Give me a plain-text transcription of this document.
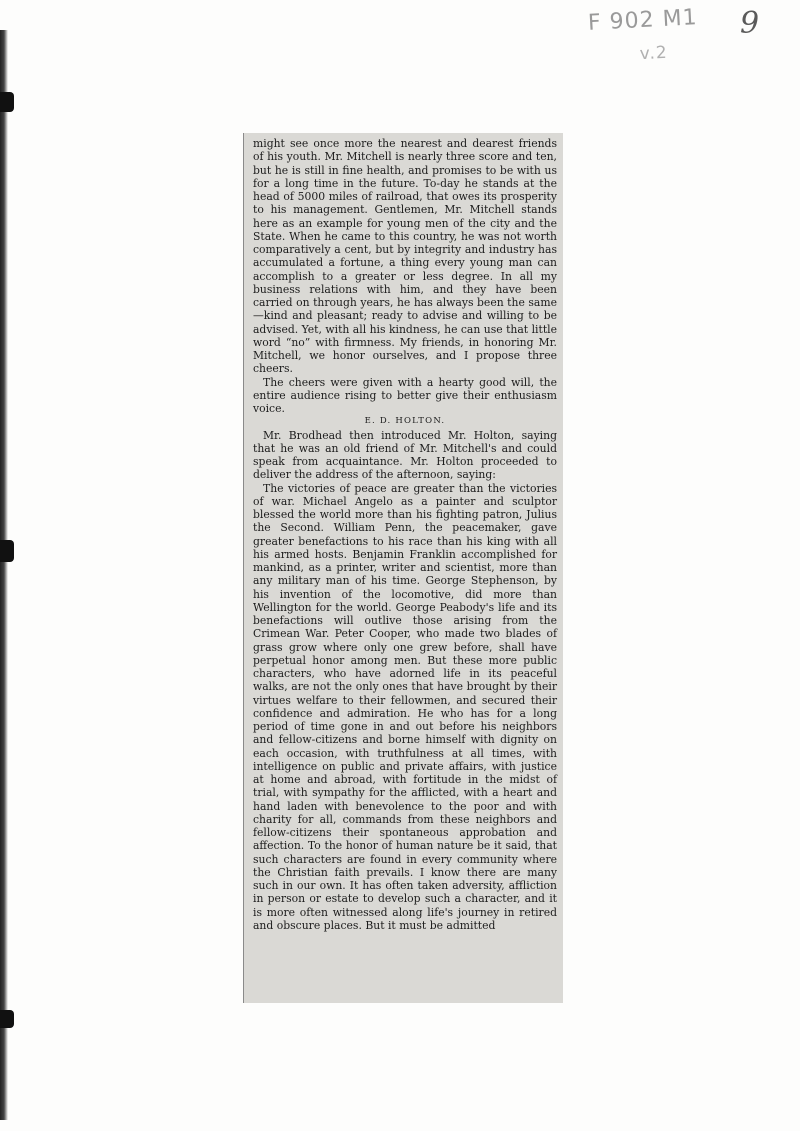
F 902 M1
v.2
9

might see once more the nearest and dearest friends of his youth. Mr. Mitchell is nearly three score and ten, but he is still in fine health, and promises to be with us for a long time in the future. To-day he stands at the head of 5000 miles of railroad, that owes its prosperity to his management. Gentlemen, Mr. Mitchell stands here as an example for young men of the city and the State. When he came to this country, he was not worth comparatively a cent, but by integrity and industry has accumulated a fortune, a thing every young man can accomplish to a greater or less degree. In all my business relations with him, and they have been carried on through years, he has always been the same—kind and pleasant; ready to advise and willing to be advised. Yet, with all his kindness, he can use that little word “no” with firmness. My friends, in honoring Mr. Mitchell, we honor ourselves, and I propose three cheers.

The cheers were given with a hearty good will, the entire audience rising to better give their enthusiasm voice.

E. D. HOLTON.

Mr. Brodhead then introduced Mr. Holton, saying that he was an old friend of Mr. Mitchell's and could speak from acquaintance. Mr. Holton proceeded to deliver the address of the afternoon, saying:

The victories of peace are greater than the victories of war. Michael Angelo as a painter and sculptor blessed the world more than his fighting patron, Julius the Second. William Penn, the peacemaker, gave greater benefactions to his race than his king with all his armed hosts. Benjamin Franklin accomplished for mankind, as a printer, writer and scientist, more than any military man of his time. George Stephenson, by his invention of the locomotive, did more than Wellington for the world. George Peabody's life and its benefactions will outlive those arising from the Crimean War. Peter Cooper, who made two blades of grass grow where only one grew before, shall have perpetual honor among men. But these more public characters, who have adorned life in its peaceful walks, are not the only ones that have brought by their virtues welfare to their fellowmen, and secured their confidence and admiration. He who has for a long period of time gone in and out before his neighbors and fellow-citizens and borne himself with dignity on each occasion, with truthfulness at all times, with intelligence on public and private affairs, with justice at home and abroad, with fortitude in the midst of trial, with sympathy for the afflicted, with a heart and hand laden with benevolence to the poor and with charity for all, commands from these neighbors and fellow-citizens their spontaneous approbation and affection. To the honor of human nature be it said, that such characters are found in every community where the Christian faith prevails. I know there are many such in our own. It has often taken adversity, affliction in person or estate to develop such a character, and it is more often witnessed along life's journey in retired and obscure places. But it must be admitted
